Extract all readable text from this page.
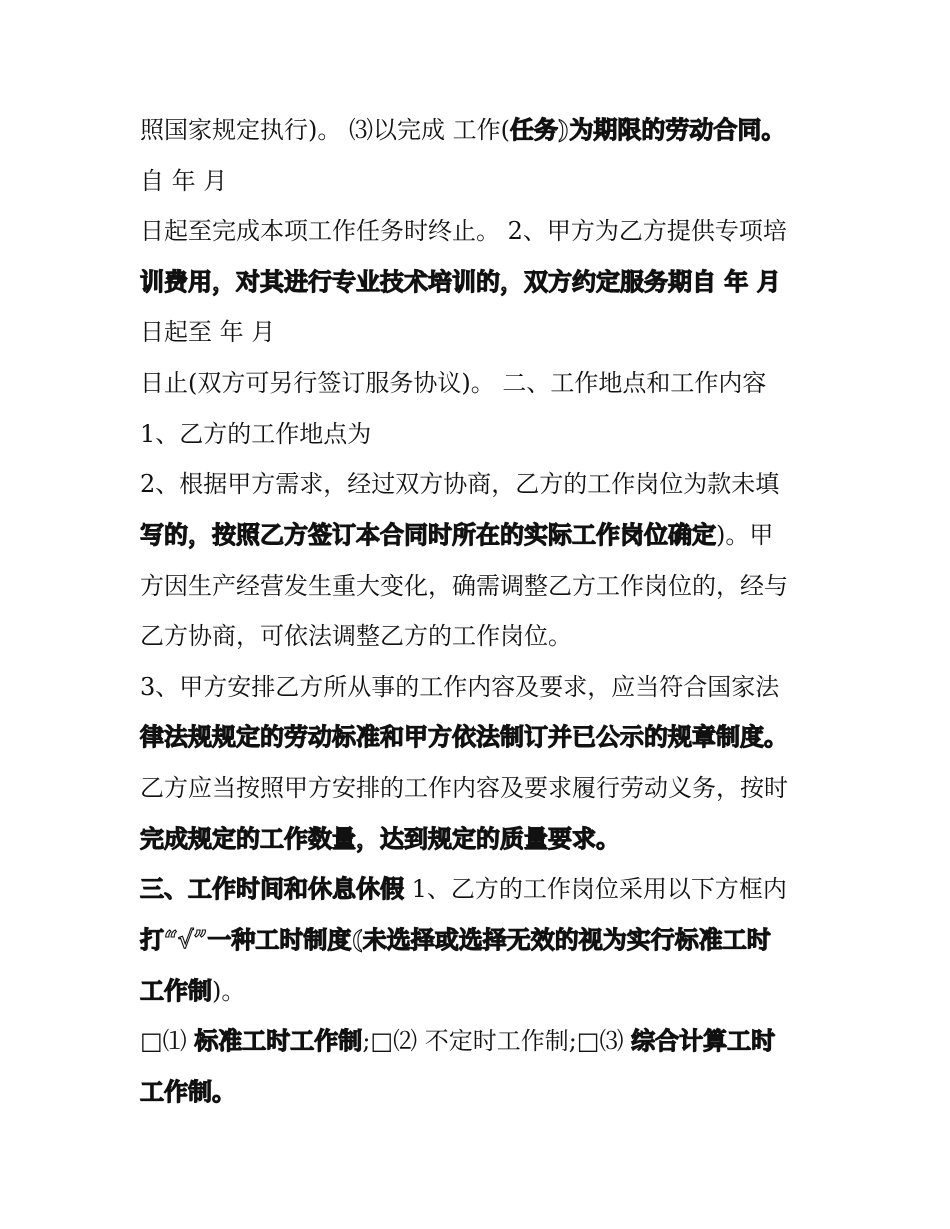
照国家规定执行)。 ⑶以完成 工作(任务)为期限的劳动合同。
自 年 月
日起至完成本项工作任务时终止。 2、甲方为乙方提供专项培
训费用，对其进行专业技术培训的，双方约定服务期自 年 月
日起至 年 月
日止(双方可另行签订服务协议)。 二、工作地点和工作内容
1、乙方的工作地点为
2、根据甲方需求，经过双方协商，乙方的工作岗位为款未填
写的，按照乙方签订本合同时所在的实际工作岗位确定)。甲
方因生产经营发生重大变化，确需调整乙方工作岗位的，经与
乙方协商，可依法调整乙方的工作岗位。
3、甲方安排乙方所从事的工作内容及要求，应当符合国家法
律法规规定的劳动标准和甲方依法制订并已公示的规章制度。
乙方应当按照甲方安排的工作内容及要求履行劳动义务，按时
完成规定的工作数量，达到规定的质量要求。
三、工作时间和休息休假 1、乙方的工作岗位采用以下方框内
打“√”一种工时制度(未选择或选择无效的视为实行标准工时
工作制)。
□⑴ 标准工时工作制;□⑵ 不定时工作制;□⑶ 综合计算工时
工作制。
